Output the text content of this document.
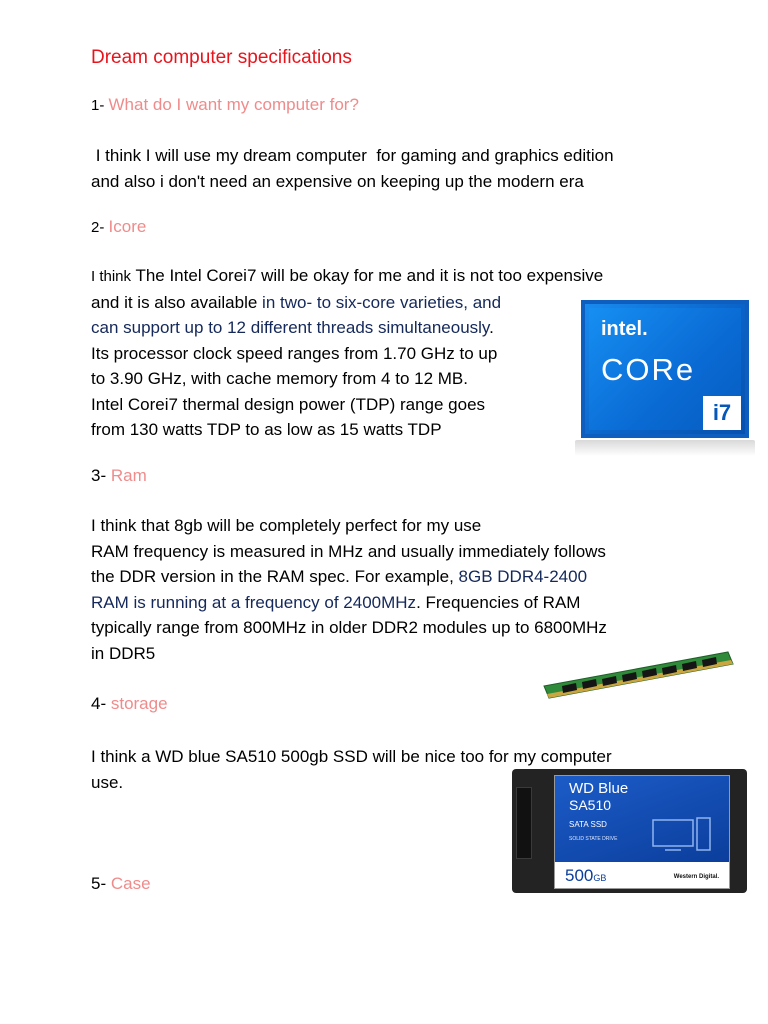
Dream computer specifications
1- What do I want my computer for?
I think I will use my dream computer  for gaming and graphics edition
and also i don't need an expensive on keeping up the modern era
2- Icore
I think The Intel Corei7 will be okay for me and it is not too expensive
and it is also available in two- to six-core varieties, and
can support up to 12 different threads simultaneously.
Its processor clock speed ranges from 1.70 GHz to up
to 3.90 GHz, with cache memory from 4 to 12 MB.
Intel Corei7 thermal design power (TDP) range goes
from 130 watts TDP to as low as 15 watts TDP
intel.
CORe
i7
3- Ram
I think that 8gb will be completely perfect for my use
RAM frequency is measured in MHz and usually immediately follows
the DDR version in the RAM spec. For example, 8GB DDR4-2400
RAM is running at a frequency of 2400MHz. Frequencies of RAM
typically range from 800MHz in older DDR2 modules up to 6800MHz
in DDR5
4- storage
I think a WD blue SA510 500gb SSD will be nice too for my computer
use.	WD Blue
SA510
SATA SSD
SOLID STATE DRIVE
500GB	Western Digital.
5- Case
